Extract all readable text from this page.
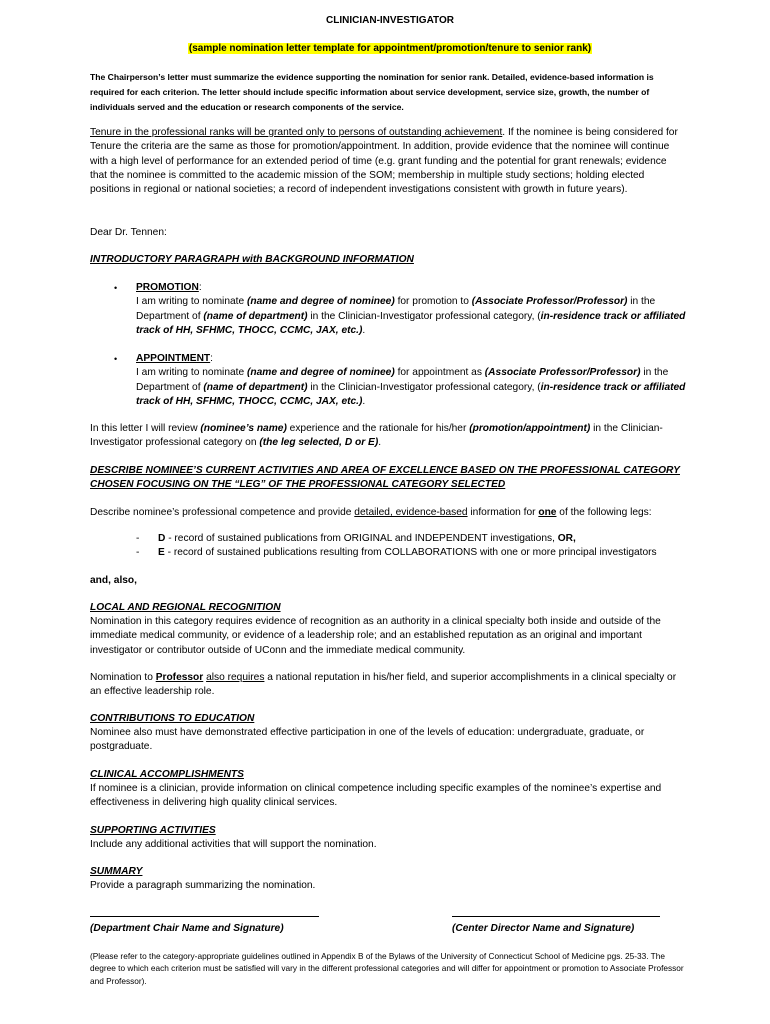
CLINICIAN-INVESTIGATOR
(sample nomination letter template for appointment/promotion/tenure to senior rank)
The Chairperson’s letter must summarize the evidence supporting the nomination for senior rank. Detailed, evidence-based information is required for each criterion. The letter should include specific information about service development, service size, growth, the number of individuals served and the education or research components of the service.
Tenure in the professional ranks will be granted only to persons of outstanding achievement. If the nominee is being considered for Tenure the criteria are the same as those for promotion/appointment. In addition, provide evidence that the nominee will continue with a high level of performance for an extended period of time (e.g. grant funding and the potential for grant renewals; evidence that the nominee is committed to the academic mission of the SOM; membership in multiple study sections; holding elected positions in regional or national societies; a record of independent investigations consistent with growth in future years).
Dear Dr. Tennen:
INTRODUCTORY PARAGRAPH with BACKGROUND INFORMATION
•	PROMOTION:
I am writing to nominate (name and degree of nominee) for promotion to (Associate Professor/Professor) in the Department of (name of department) in the Clinician-Investigator professional category, (in-residence track or affiliated track of HH, SFHMC, THOCC, CCMC, JAX, etc.).
•	APPOINTMENT:
I am writing to nominate (name and degree of nominee) for appointment as (Associate Professor/Professor) in the Department of (name of department) in the Clinician-Investigator professional category, (in-residence track or affiliated track of HH, SFHMC, THOCC, CCMC, JAX, etc.).
In this letter I will review (nominee’s name) experience and the rationale for his/her (promotion/appointment) in the Clinician-Investigator professional category on (the leg selected, D or E).
DESCRIBE NOMINEE’S CURRENT ACTIVITIES AND AREA OF EXCELLENCE BASED ON THE PROFESSIONAL CATEGORY CHOSEN FOCUSING ON THE “LEG” OF THE PROFESSIONAL CATEGORY SELECTED
Describe nominee’s professional competence and provide detailed, evidence-based information for one of the following legs:
-	D - record of sustained publications from ORIGINAL and INDEPENDENT investigations, OR,
-	E - record of sustained publications resulting from COLLABORATIONS with one or more principal investigators
and, also,
LOCAL AND REGIONAL RECOGNITION
Nomination in this category requires evidence of recognition as an authority in a clinical specialty both inside and outside of the immediate medical community, or evidence of a leadership role; and an established reputation as an original and important investigator or contributor outside of UConn and the immediate medical community.
Nomination to Professor also requires a national reputation in his/her field, and superior accomplishments in a clinical specialty or an effective leadership role.
CONTRIBUTIONS TO EDUCATION
Nominee also must have demonstrated effective participation in one of the levels of education: undergraduate, graduate, or postgraduate.
CLINICAL ACCOMPLISHMENTS
If nominee is a clinician, provide information on clinical competence including specific examples of the nominee’s expertise and effectiveness in delivering high quality clinical services.
SUPPORTING ACTIVITIES
Include any additional activities that will support the nomination.
SUMMARY
Provide a paragraph summarizing the nomination.
(Department Chair Name and Signature)	(Center Director Name and Signature)
(Please refer to the category-appropriate guidelines outlined in Appendix B of the Bylaws of the University of Connecticut School of Medicine pgs. 25-33. The degree to which each criterion must be satisfied will vary in the different professional categories and will differ for appointment or promotion to Associate Professor and Professor).
